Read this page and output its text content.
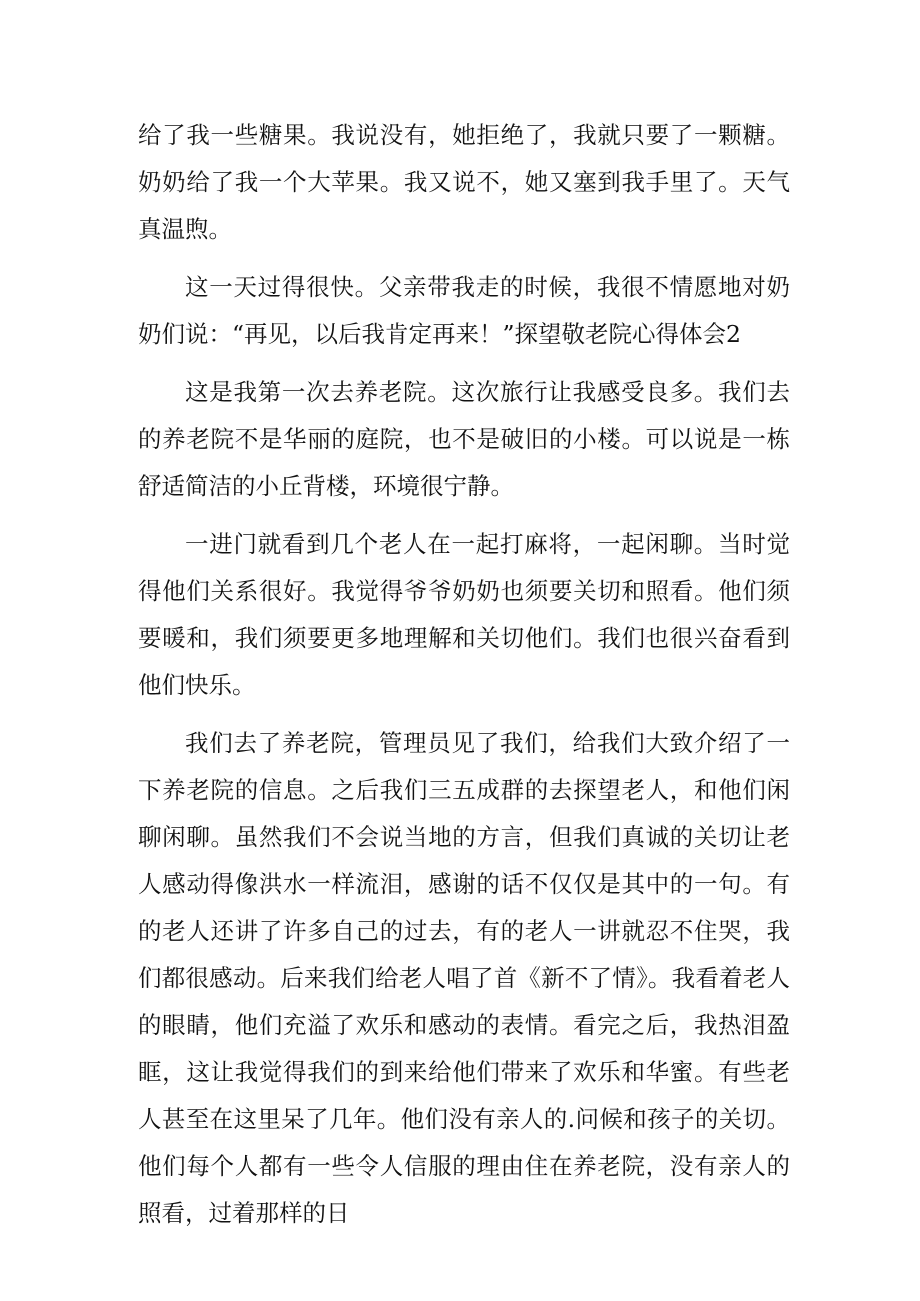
给了我一些糖果。我说没有，她拒绝了，我就只要了一颗糖。奶奶给了我一个大苹果。我又说不，她又塞到我手里了。天气真温煦。

这一天过得很快。父亲带我走的时候，我很不情愿地对奶奶们说：“再见，以后我肯定再来！”探望敬老院心得体会2

这是我第一次去养老院。这次旅行让我感受良多。我们去的养老院不是华丽的庭院，也不是破旧的小楼。可以说是一栋舒适简洁的小丘背楼，环境很宁静。

一进门就看到几个老人在一起打麻将，一起闲聊。当时觉得他们关系很好。我觉得爷爷奶奶也须要关切和照看。他们须要暖和，我们须要更多地理解和关切他们。我们也很兴奋看到他们快乐。

我们去了养老院，管理员见了我们，给我们大致介绍了一下养老院的信息。之后我们三五成群的去探望老人，和他们闲聊闲聊。虽然我们不会说当地的方言，但我们真诚的关切让老人感动得像洪水一样流泪，感谢的话不仅仅是其中的一句。有的老人还讲了许多自己的过去，有的老人一讲就忍不住哭，我们都很感动。后来我们给老人唱了首《新不了情》。我看着老人的眼睛，他们充溢了欢乐和感动的表情。看完之后，我热泪盈眶，这让我觉得我们的到来给他们带来了欢乐和华蜜。有些老人甚至在这里呆了几年。他们没有亲人的.问候和孩子的关切。他们每个人都有一些令人信服的理由住在养老院，没有亲人的照看，过着那样的日
